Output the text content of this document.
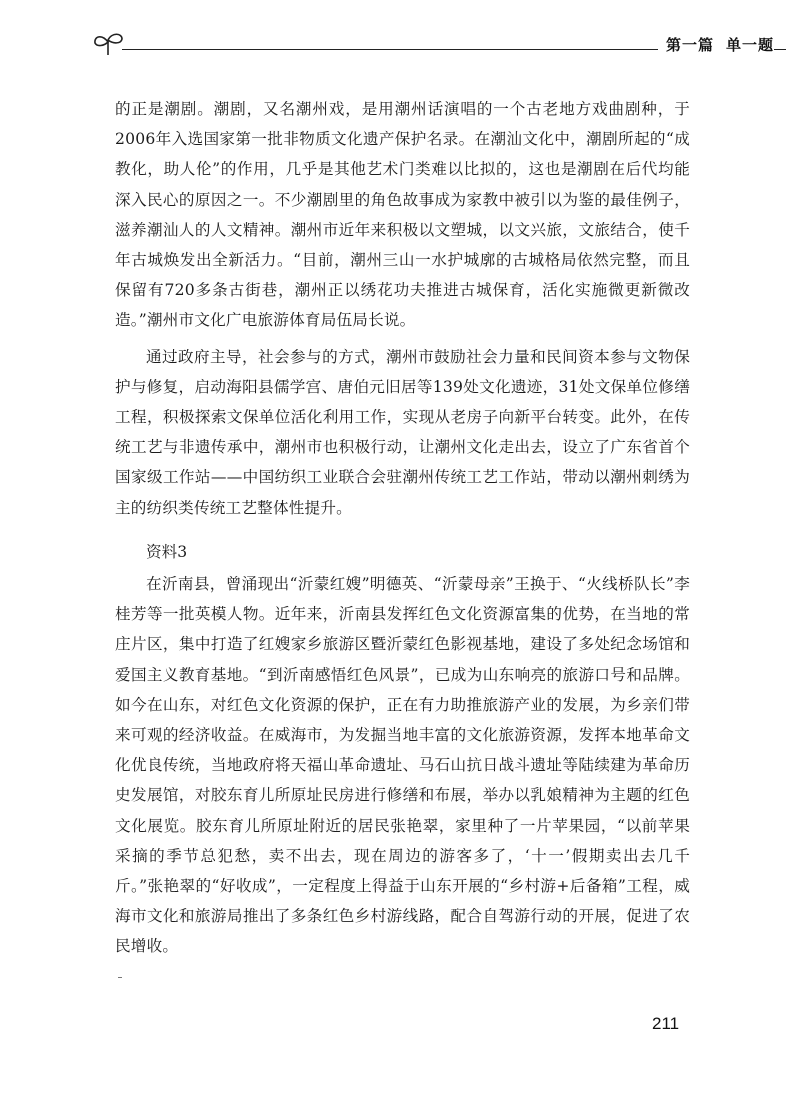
第一篇 单一题

的正是潮剧。潮剧，又名潮州戏，是用潮州话演唱的一个古老地方戏曲剧种，于2006年入选国家第一批非物质文化遗产保护名录。在潮汕文化中，潮剧所起的“成教化，助人伦”的作用，几乎是其他艺术门类难以比拟的，这也是潮剧在后代均能深入民心的原因之一。不少潮剧里的角色故事成为家教中被引以为鉴的最佳例子，滋养潮汕人的人文精神。潮州市近年来积极以文塑城，以文兴旅，文旅结合，使千年古城焕发出全新活力。“目前，潮州三山一水护城廓的古城格局依然完整，而且保留有720多条古街巷，潮州正以绣花功夫推进古城保育，活化实施微更新微改造。”潮州市文化广电旅游体育局伍局长说。

通过政府主导，社会参与的方式，潮州市鼓励社会力量和民间资本参与文物保护与修复，启动海阳县儒学宫、唐伯元旧居等139处文化遗迹，31处文保单位修缮工程，积极探索文保单位活化利用工作，实现从老房子向新平台转变。此外，在传统工艺与非遗传承中，潮州市也积极行动，让潮州文化走出去，设立了广东省首个国家级工作站——中国纺织工业联合会驻潮州传统工艺工作站，带动以潮州刺绣为主的纺织类传统工艺整体性提升。

资料3

在沂南县，曾涌现出“沂蒙红嫂”明德英、“沂蒙母亲”王换于、“火线桥队长”李桂芳等一批英模人物。近年来，沂南县发挥红色文化资源富集的优势，在当地的常庄片区，集中打造了红嫂家乡旅游区暨沂蒙红色影视基地，建设了多处纪念场馆和爱国主义教育基地。“到沂南感悟红色风景”，已成为山东响亮的旅游口号和品牌。如今在山东，对红色文化资源的保护，正在有力助推旅游产业的发展，为乡亲们带来可观的经济收益。在威海市，为发掘当地丰富的文化旅游资源，发挥本地革命文化优良传统，当地政府将天福山革命遗址、马石山抗日战斗遗址等陆续建为革命历史发展馆，对胶东育儿所原址民房进行修缮和布展，举办以乳娘精神为主题的红色文化展览。胶东育儿所原址附近的居民张艳翠，家里种了一片苹果园，“以前苹果采摘的季节总犯愁，卖不出去，现在周边的游客多了，‘十一’假期卖出去几千斤。”张艳翠的“好收成”，一定程度上得益于山东开展的“乡村游+后备箱”工程，威海市文化和旅游局推出了多条红色乡村游线路，配合自驾游行动的开展，促进了农民增收。

211
